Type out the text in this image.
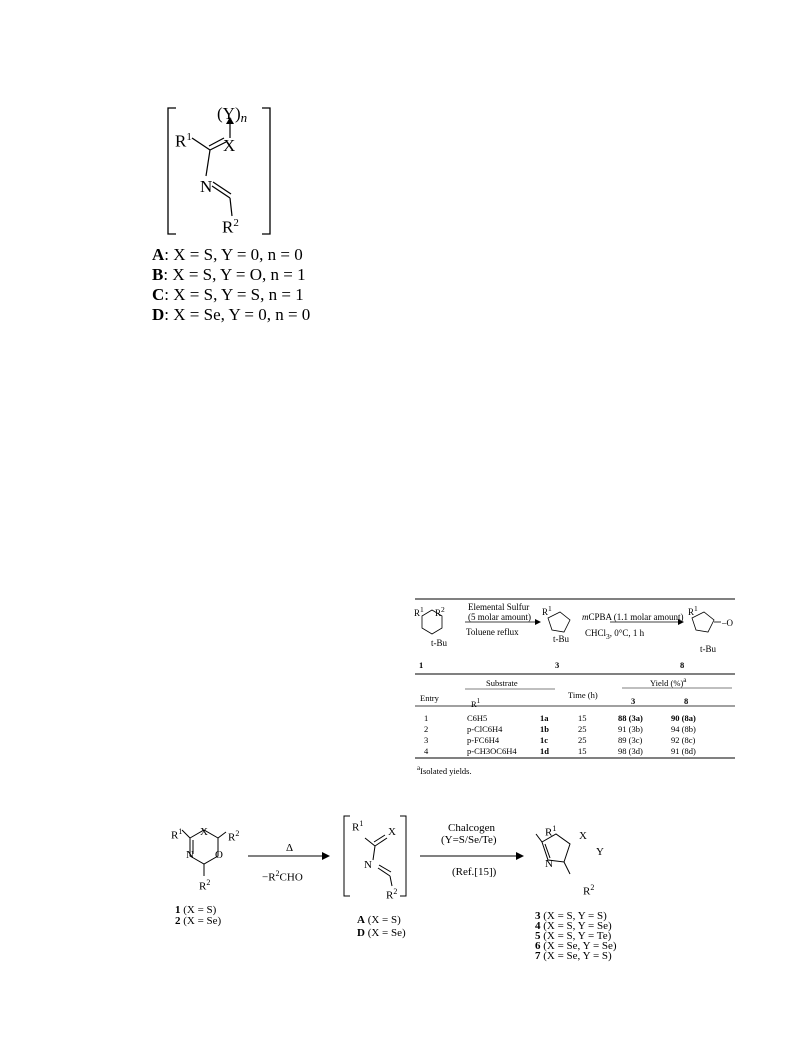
(Y)n
$R^1$ X
N
$R^2$
A: X = S, Y = 0, n = 0
B: X = S, Y = O, n = 1
C: X = S, Y = S, n = 1
D: X = Se, Y = 0, n = 0
$R^1$     $R^2$
t-Bu
Elemental Sulfur
(5 molar amount)
Toluene reflux
$R^1$
t-Bu
mCPBA (1.1 molar amount)
CHCl$_3$, 0°C, 1 h
$R^1$
t-Bu
–O
1	3	8
Substrate
Entry
$R^1$
Time (h)
Yield (%)$^a$
3	8
1	C6H5	1a	15	88 (3a)	90 (8a)
2	p-ClC6H4	1b	25	91 (3b)	94 (8b)
3	p-FC6H4	1c	25	89 (3c)	92 (8c)
4	p-CH3OC6H4	1d	15	98 (3d)	91 (8d)
$^a$Isolated yields.
$R^1$ X $R^2$
N O
$R^2$
Δ
$-R^2CHO$
$R^1$
X
N
$R^2$
Chalcogen
(Y=S/Se/Te)
(Ref.[15])
$R^1$
X
Y
N
$R^2$
1 (X = S)
2 (X = Se)	A (X = S)
D (X = Se)
3 (X = S, Y = S)
4 (X = S, Y = Se)
5 (X = S, Y = Te)
6 (X = Se, Y = Se)
7 (X = Se, Y = S)
